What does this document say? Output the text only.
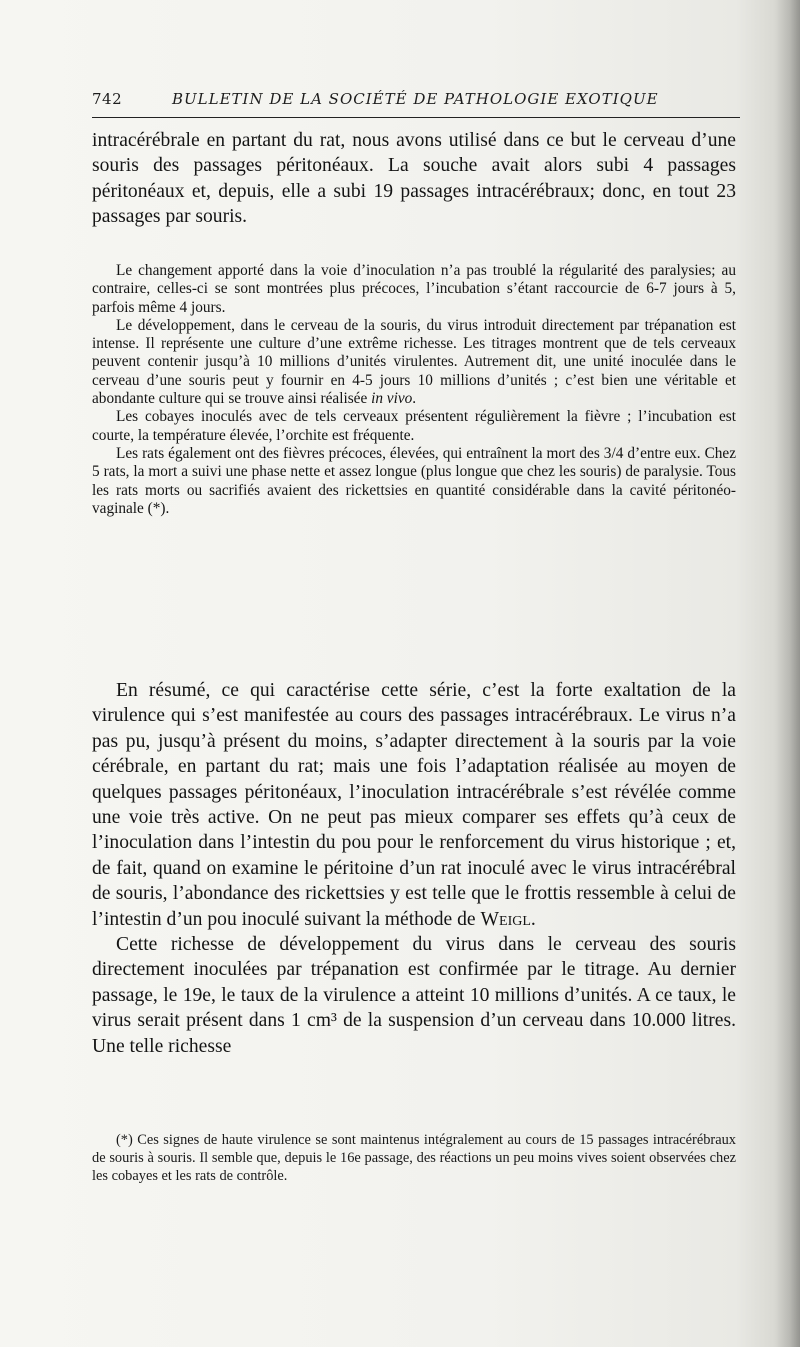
742	BULLETIN DE LA SOCIÉTÉ DE PATHOLOGIE EXOTIQUE

intracérébrale en partant du rat, nous avons utilisé dans ce but le cerveau d’une souris des passages péritonéaux. La souche avait alors subi 4 passages péritonéaux et, depuis, elle a subi 19 passages intracérébraux; donc, en tout 23 passages par souris.

Le changement apporté dans la voie d’inoculation n’a pas troublé la régularité des paralysies; au contraire, celles-ci se sont montrées plus précoces, l’incubation s’étant raccourcie de 6-7 jours à 5, parfois même 4 jours.

Le développement, dans le cerveau de la souris, du virus introduit directement par trépanation est intense. Il représente une culture d’une extrême richesse. Les titrages montrent que de tels cerveaux peuvent contenir jusqu’à 10 millions d’unités virulentes. Autrement dit, une unité inoculée dans le cerveau d’une souris peut y fournir en 4-5 jours 10 millions d’unités ; c’est bien une véritable et abondante culture qui se trouve ainsi réalisée in vivo.

Les cobayes inoculés avec de tels cerveaux présentent régulièrement la fièvre ; l’incubation est courte, la température élevée, l’orchite est fréquente.

Les rats également ont des fièvres précoces, élevées, qui entraînent la mort des 3/4 d’entre eux. Chez 5 rats, la mort a suivi une phase nette et assez longue (plus longue que chez les souris) de paralysie. Tous les rats morts ou sacrifiés avaient des rickettsies en quantité considérable dans la cavité péritonéo-vaginale (*).

En résumé, ce qui caractérise cette série, c’est la forte exaltation de la virulence qui s’est manifestée au cours des passages intracérébraux. Le virus n’a pas pu, jusqu’à présent du moins, s’adapter directement à la souris par la voie cérébrale, en partant du rat; mais une fois l’adaptation réalisée au moyen de quelques passages péritonéaux, l’inoculation intracérébrale s’est révélée comme une voie très active. On ne peut pas mieux comparer ses effets qu’à ceux de l’inoculation dans l’intestin du pou pour le renforcement du virus historique ; et, de fait, quand on examine le péritoine d’un rat inoculé avec le virus intracérébral de souris, l’abondance des rickettsies y est telle que le frottis ressemble à celui de l’intestin d’un pou inoculé suivant la méthode de Weigl.

Cette richesse de développement du virus dans le cerveau des souris directement inoculées par trépanation est confirmée par le titrage. Au dernier passage, le 19e, le taux de la virulence a atteint 10 millions d’unités. A ce taux, le virus serait présent dans 1 cm³ de la suspension d’un cerveau dans 10.000 litres. Une telle richesse

(*) Ces signes de haute virulence se sont maintenus intégralement au cours de 15 passages intracérébraux de souris à souris. Il semble que, depuis le 16e passage, des réactions un peu moins vives soient observées chez les cobayes et les rats de contrôle.
